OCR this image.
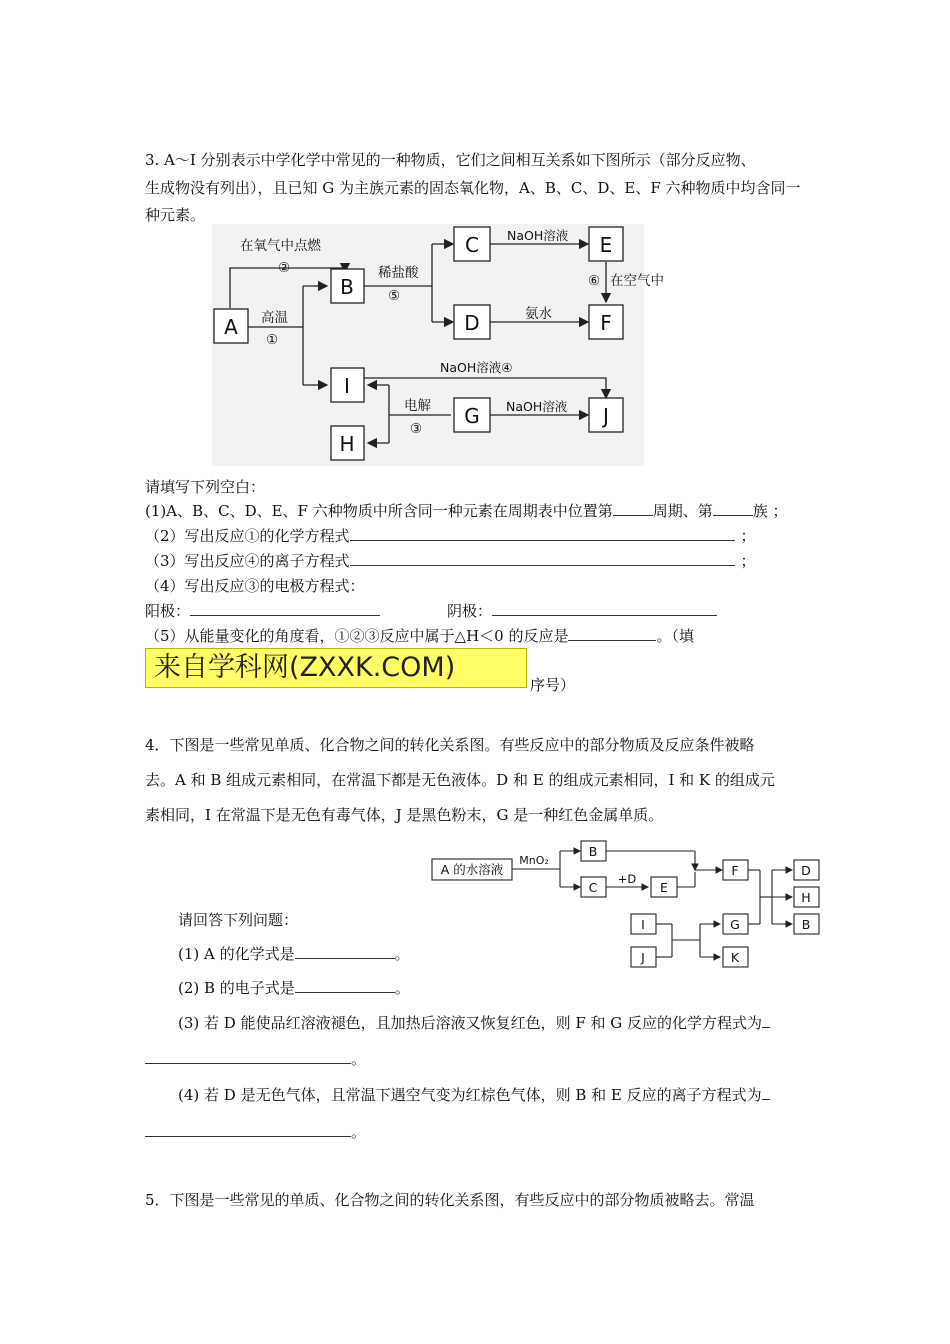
3. A～I 分别表示中学化学中常见的一种物质，它们之间相互关系如下图所示（部分反应物、
生成物没有列出），且已知 G 为主族元素的固态氧化物，A、B、C、D、E、F 六种物质中均含同一
种元素。
A
B
C
D
E
F
I
G
H
J
在氧气中点燃
②
高温
①
稀盐酸
⑤
NaOH溶液
⑥ 在空气中
氨水
NaOH溶液④
电解
③
NaOH溶液
请填写下列空白：
(1)A、B、C、D、E、F 六种物质中所含同一种元素在周期表中位置第	周期、第	族 ；
（2）写出反应①的化学方程式	；
（3）写出反应④的离子方程式	；
（4）写出反应③的电极方程式：
阳极：	阴极：
（5）从能量变化的角度看，①②③反应中属于△H＜0 的反应是	。（填
来自学科网(ZXXK.COM)
序号）
4．下图是一些常见单质、化合物之间的转化关系图。有些反应中的部分物质及反应条件被略
去。A 和 B 组成元素相同，在常温下都是无色液体。D 和 E 的组成元素相同，I 和 K 的组成元
素相同，I 在常温下是无色有毒气体，J 是黑色粉末，G 是一种红色金属单质。
A 的水溶液
MnO₂
+D
B
C	E
F	D
H
B
I
J
G
K
请回答下列问题：
(1) A 的化学式是	。
(2) B 的电子式是	。
(3) 若 D 能使品红溶液褪色，且加热后溶液又恢复红色，则 F 和 G 反应的化学方程式为
。
(4) 若 D 是无色气体，且常温下遇空气变为红棕色气体，则 B 和 E 反应的离子方程式为
。
5．下图是一些常见的单质、化合物之间的转化关系图，有些反应中的部分物质被略去。常温
